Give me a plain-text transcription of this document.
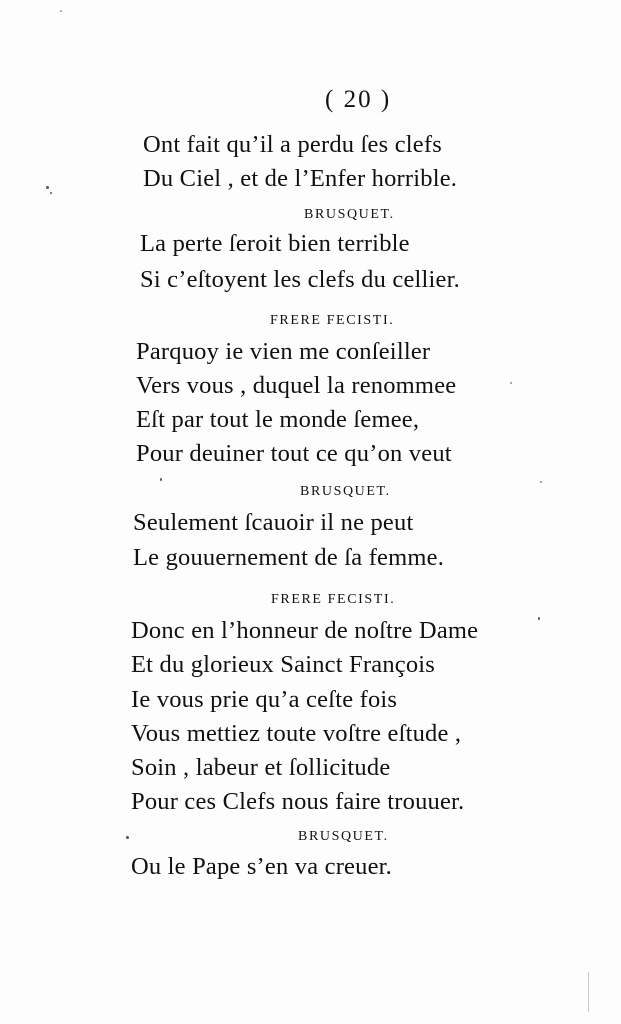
( 20 )
Ont fait qu’il a perdu ſes clefs
Du Ciel , et de l’Enfer horrible.
BRUSQUET.
La perte ſeroit bien terrible
Si c’eſtoyent les clefs du cellier.
FRERE FECISTI.
Parquoy ie vien me conſeiller
Vers vous , duquel la renommee
Eſt par tout le monde ſemee,
Pour deuiner tout ce qu’on veut
BRUSQUET.
Seulement ſcauoir il ne peut
Le gouuernement de ſa femme.
FRERE FECISTI.
Donc en l’honneur de noſtre Dame
Et du glorieux Sainct François
Ie vous prie qu’a ceſte fois
Vous mettiez toute voſtre eſtude ,
Soin , labeur et ſollicitude
Pour ces Clefs nous faire trouuer.
BRUSQUET.
Ou le Pape s’en va creuer.
